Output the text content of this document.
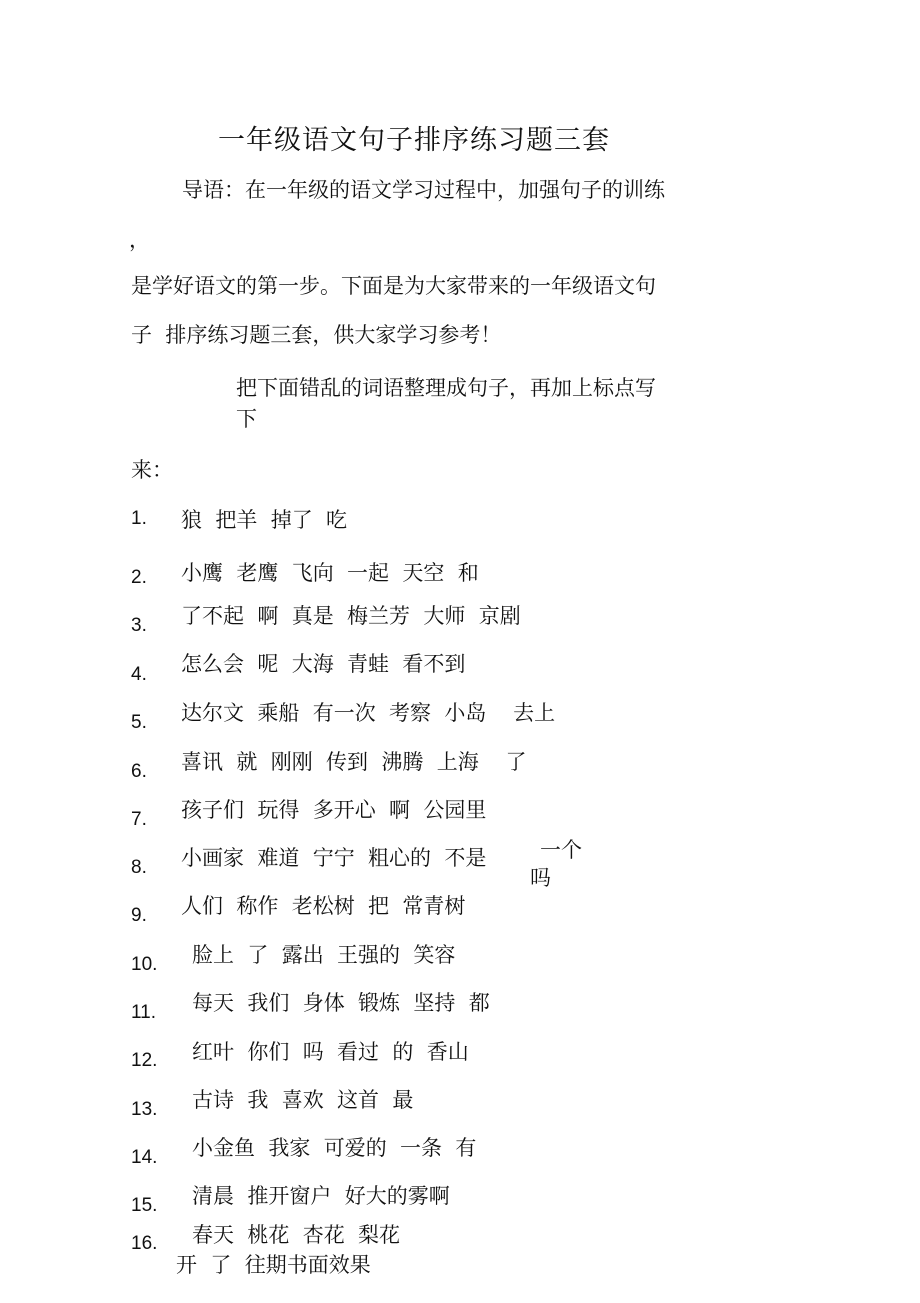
一年级语文句子排序练习题三套
导语：在一年级的语文学习过程中，加强句子的训练
，
是学好语文的第一步。下面是为大家带来的一年级语文句
子  排序练习题三套，供大家学习参考！
把下面错乱的词语整理成句子，再加上标点写
下
来：
1. 狼  把羊  掉了  吃
2. 小鹰  老鹰  飞向  一起  天空  和
3. 了不起  啊  真是  梅兰芳  大师  京剧
4. 怎么会  呢  大海  青蛙  看不到
5. 达尔文  乘船  有一次  考察  小岛    去上
6. 喜讯  就  刚刚  传到  沸腾  上海    了
7. 孩子们  玩得  多开心  啊  公园里
8. 小画家  难道  宁宁  粗心的  不是	一个
吗
9. 人们  称作  老松树  把  常青树
10. 脸上  了  露出  王强的  笑容
11. 每天  我们  身体  锻炼  坚持  都
12. 红叶  你们  吗  看过  的  香山
13. 古诗  我  喜欢  这首  最
14. 小金鱼  我家  可爱的  一条  有
15. 清晨  推开窗户  好大的雾啊
16. 春天  桃花  杏花  梨花
开  了  往期书面效果
